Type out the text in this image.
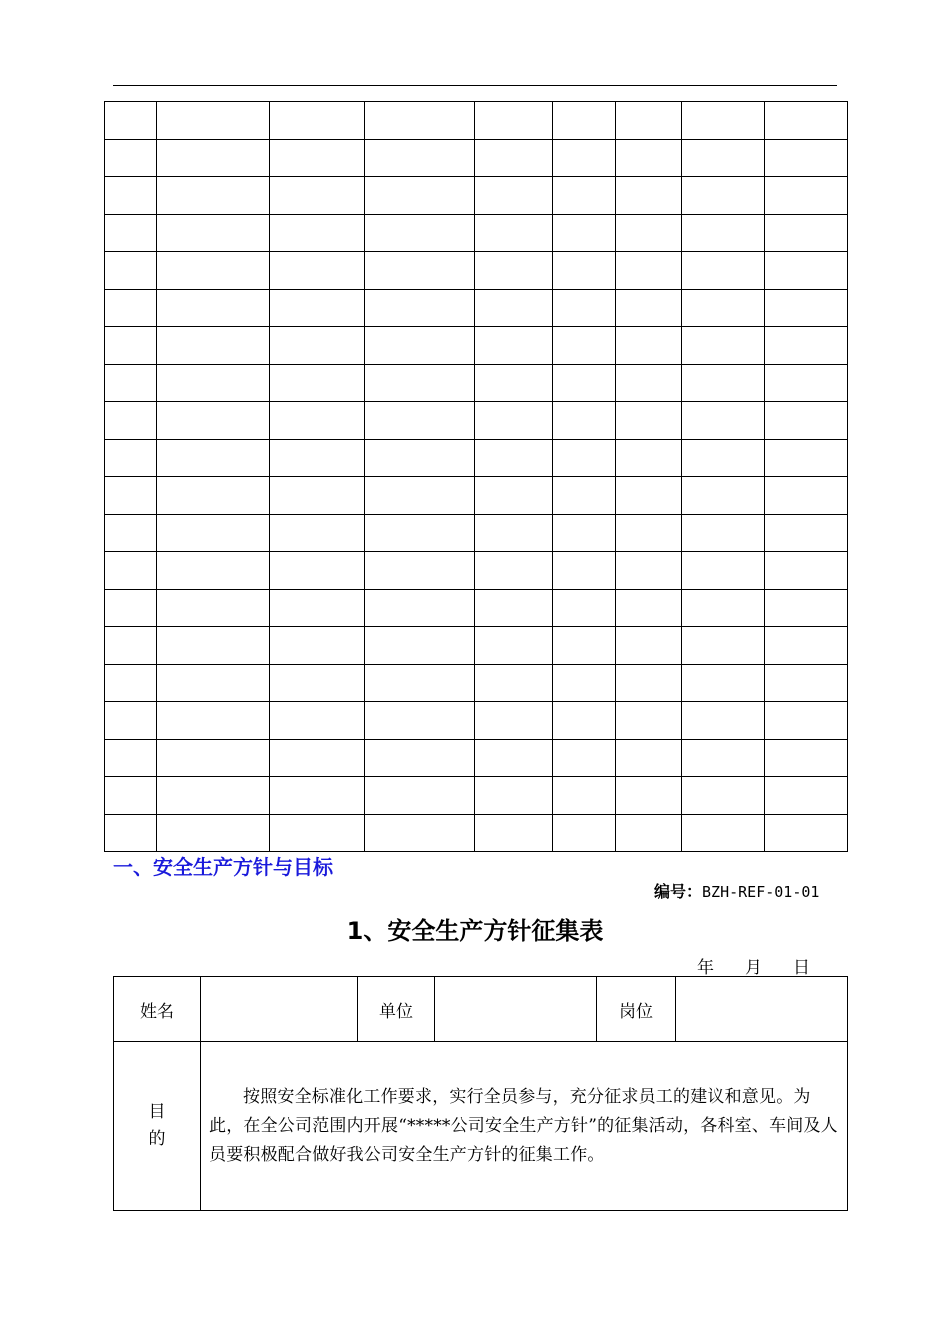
一、安全生产方针与目标
编号：BZH-REF-01-01
1、安全生产方针征集表
年 月 日
姓名		单位		岗位	

目
的	按照安全标准化工作要求，实行全员参与，充分征求员工的建议和意见。为此，在全公司范围内开展“*****公司安全生产方针”的征集活动，各科室、车间及人员要积极配合做好我公司安全生产方针的征集工作。				
